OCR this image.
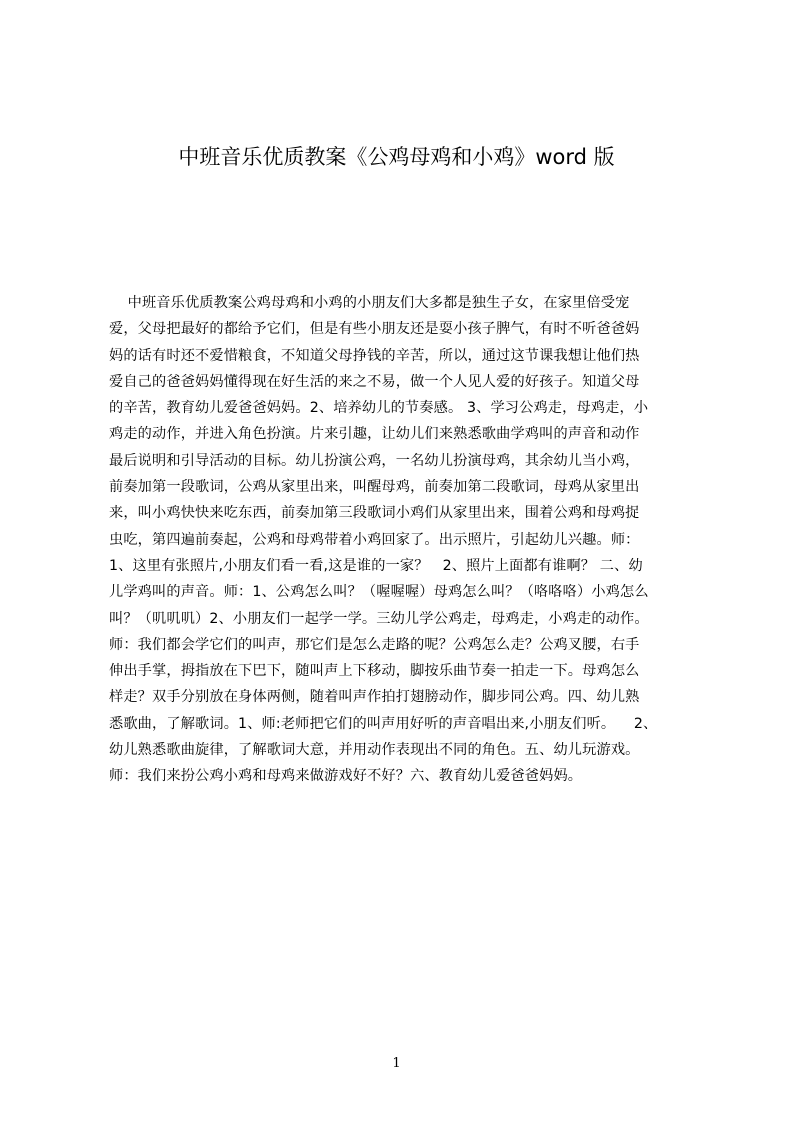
中班音乐优质教案《公鸡母鸡和小鸡》word 版
中班音乐优质教案公鸡母鸡和小鸡的小朋友们大多都是独生子女，在家里倍受宠
爱，父母把最好的都给予它们，但是有些小朋友还是耍小孩子脾气，有时不听爸爸妈
妈的话有时还不爱惜粮食，不知道父母挣钱的辛苦，所以，通过这节课我想让他们热
爱自己的爸爸妈妈懂得现在好生活的来之不易，做一个人见人爱的好孩子。知道父母
的辛苦，教育幼儿爱爸爸妈妈。2、培养幼儿的节奏感。 3、学习公鸡走，母鸡走，小
鸡走的动作，并进入角色扮演。片来引趣，让幼儿们来熟悉歌曲学鸡叫的声音和动作
最后说明和引导活动的目标。幼儿扮演公鸡，一名幼儿扮演母鸡，其余幼儿当小鸡，
前奏加第一段歌词，公鸡从家里出来，叫醒母鸡，前奏加第二段歌词，母鸡从家里出
来，叫小鸡快快来吃东西，前奏加第三段歌词小鸡们从家里出来，围着公鸡和母鸡捉
虫吃，第四遍前奏起，公鸡和母鸡带着小鸡回家了。出示照片，引起幼儿兴趣。师：
1、这里有张照片,小朋友们看一看,这是谁的一家？   2、照片上面都有谁啊？ 二、幼
儿学鸡叫的声音。师：1、公鸡怎么叫？（喔喔喔）母鸡怎么叫？（咯咯咯）小鸡怎么
叫？（叽叽叽）2、小朋友们一起学一学。三幼儿学公鸡走，母鸡走，小鸡走的动作。
师：我们都会学它们的叫声，那它们是怎么走路的呢？公鸡怎么走？公鸡叉腰，右手
伸出手掌，拇指放在下巴下，随叫声上下移动，脚按乐曲节奏一拍走一下。母鸡怎么
样走？双手分别放在身体两侧，随着叫声作拍打翅膀动作，脚步同公鸡。四、幼儿熟
悉歌曲，了解歌词。1、师:老师把它们的叫声用好听的声音唱出来,小朋友们听。    2、
幼儿熟悉歌曲旋律，了解歌词大意，并用动作表现出不同的角色。五、幼儿玩游戏。
师：我们来扮公鸡小鸡和母鸡来做游戏好不好？六、教育幼儿爱爸爸妈妈。
1
